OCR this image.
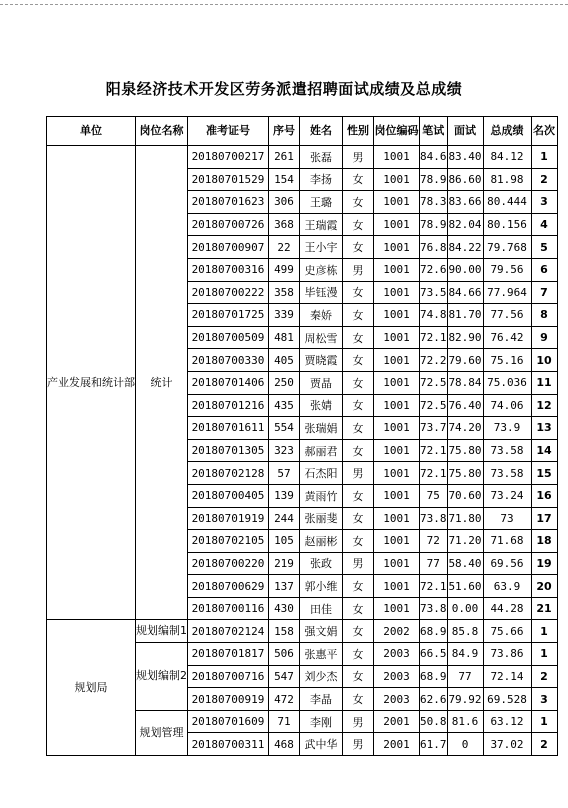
阳泉经济技术开发区劳务派遣招聘面试成绩及总成绩
单位	岗位名称	准考证号	序号	姓名	性别	岗位编码	笔试	面试	总成绩	名次
产业发展和统计部	统计	20180700217	261	张磊	男	1001	84.6	83.40	84.12	1
		20180701529	154	李扬	女	1001	78.9	86.60	81.98	2
		20180701623	306	王璐	女	1001	78.3	83.66	80.444	3
		20180700726	368	王瑞霞	女	1001	78.9	82.04	80.156	4
		20180700907	22	王小宇	女	1001	76.8	84.22	79.768	5
		20180700316	499	史彦栋	男	1001	72.6	90.00	79.56	6
		20180700222	358	毕钰漫	女	1001	73.5	84.66	77.964	7
		20180701725	339	秦娇	女	1001	74.8	81.70	77.56	8
		20180700509	481	周松雪	女	1001	72.1	82.90	76.42	9
		20180700330	405	贾晓霞	女	1001	72.2	79.60	75.16	10
		20180701406	250	贾晶	女	1001	72.5	78.84	75.036	11
		20180701216	435	张婧	女	1001	72.5	76.40	74.06	12
		20180701611	554	张瑞娟	女	1001	73.7	74.20	73.9	13
		20180701305	323	郝丽君	女	1001	72.1	75.80	73.58	14
		20180702128	57	石杰阳	男	1001	72.1	75.80	73.58	15
		20180700405	139	黄雨竹	女	1001	75	70.60	73.24	16
		20180701919	244	张丽斐	女	1001	73.8	71.80	73	17
		20180702105	105	赵丽彬	女	1001	72	71.20	71.68	18
		20180700220	219	张政	男	1001	77	58.40	69.56	19
		20180700629	137	郭小维	女	1001	72.1	51.60	63.9	20
		20180700116	430	田佳	女	1001	73.8	0.00	44.28	21
规划局	规划编制1	20180702124	158	强文娟	女	2002	68.9	85.8	75.66	1
	规划编制2	20180701817	506	张惠平	女	2003	66.5	84.9	73.86	1
		20180700716	547	刘少杰	女	2003	68.9	77	72.14	2
		20180700919	472	李晶	女	2003	62.6	79.92	69.528	3
	规划管理	20180701609	71	李刚	男	2001	50.8	81.6	63.12	1
		20180700311	468	武中华	男	2001	61.7	0	37.02	2
